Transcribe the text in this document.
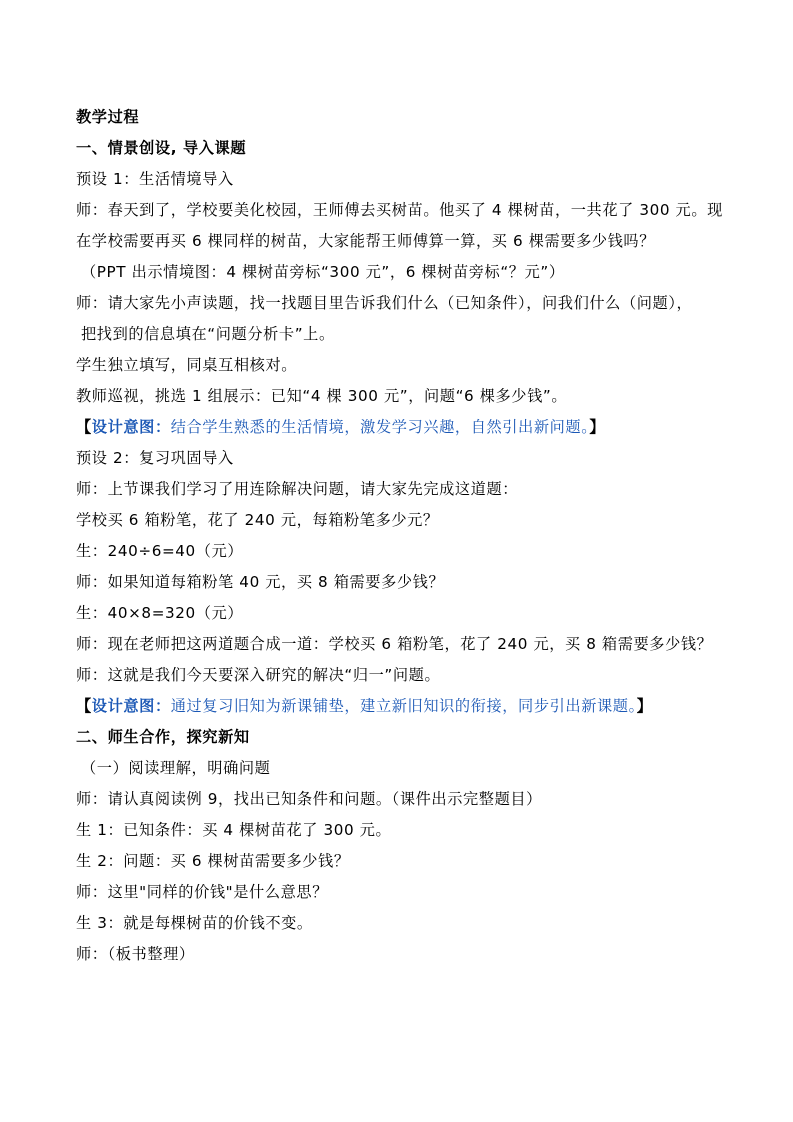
教学过程
一、情景创设, 导入课题
预设 1：生活情境导入
师：春天到了，学校要美化校园，王师傅去买树苗。他买了 4 棵树苗，一共花了 300 元。现
在学校需要再买 6 棵同样的树苗，大家能帮王师傅算一算，买 6 棵需要多少钱吗？
（PPT 出示情境图：4 棵树苗旁标“300 元”，6 棵树苗旁标“？元”）
师：请大家先小声读题，找一找题目里告诉我们什么（已知条件），问我们什么（问题），
把找到的信息填在“问题分析卡”上。
学生独立填写，同桌互相核对。
教师巡视，挑选 1 组展示：已知“4 棵 300 元”，问题“6 棵多少钱”。
【设计意图：结合学生熟悉的生活情境，激发学习兴趣，自然引出新问题。】
预设 2：复习巩固导入
师：上节课我们学习了用连除解决问题，请大家先完成这道题：
学校买 6 箱粉笔，花了 240 元，每箱粉笔多少元？
生：240÷6=40（元）
师：如果知道每箱粉笔 40 元，买 8 箱需要多少钱？
生：40×8=320（元）
师：现在老师把这两道题合成一道：学校买 6 箱粉笔，花了 240 元，买 8 箱需要多少钱？
师：这就是我们今天要深入研究的解决“归一”问题。
【设计意图：通过复习旧知为新课铺垫，建立新旧知识的衔接，同步引出新课题。】
二、师生合作，探究新知
（一）阅读理解，明确问题
师：请认真阅读例 9，找出已知条件和问题。（课件出示完整题目）
生 1：已知条件：买 4 棵树苗花了 300 元。
生 2：问题：买 6 棵树苗需要多少钱？
师：这里"同样的价钱"是什么意思？
生 3：就是每棵树苗的价钱不变。
师：（板书整理）
